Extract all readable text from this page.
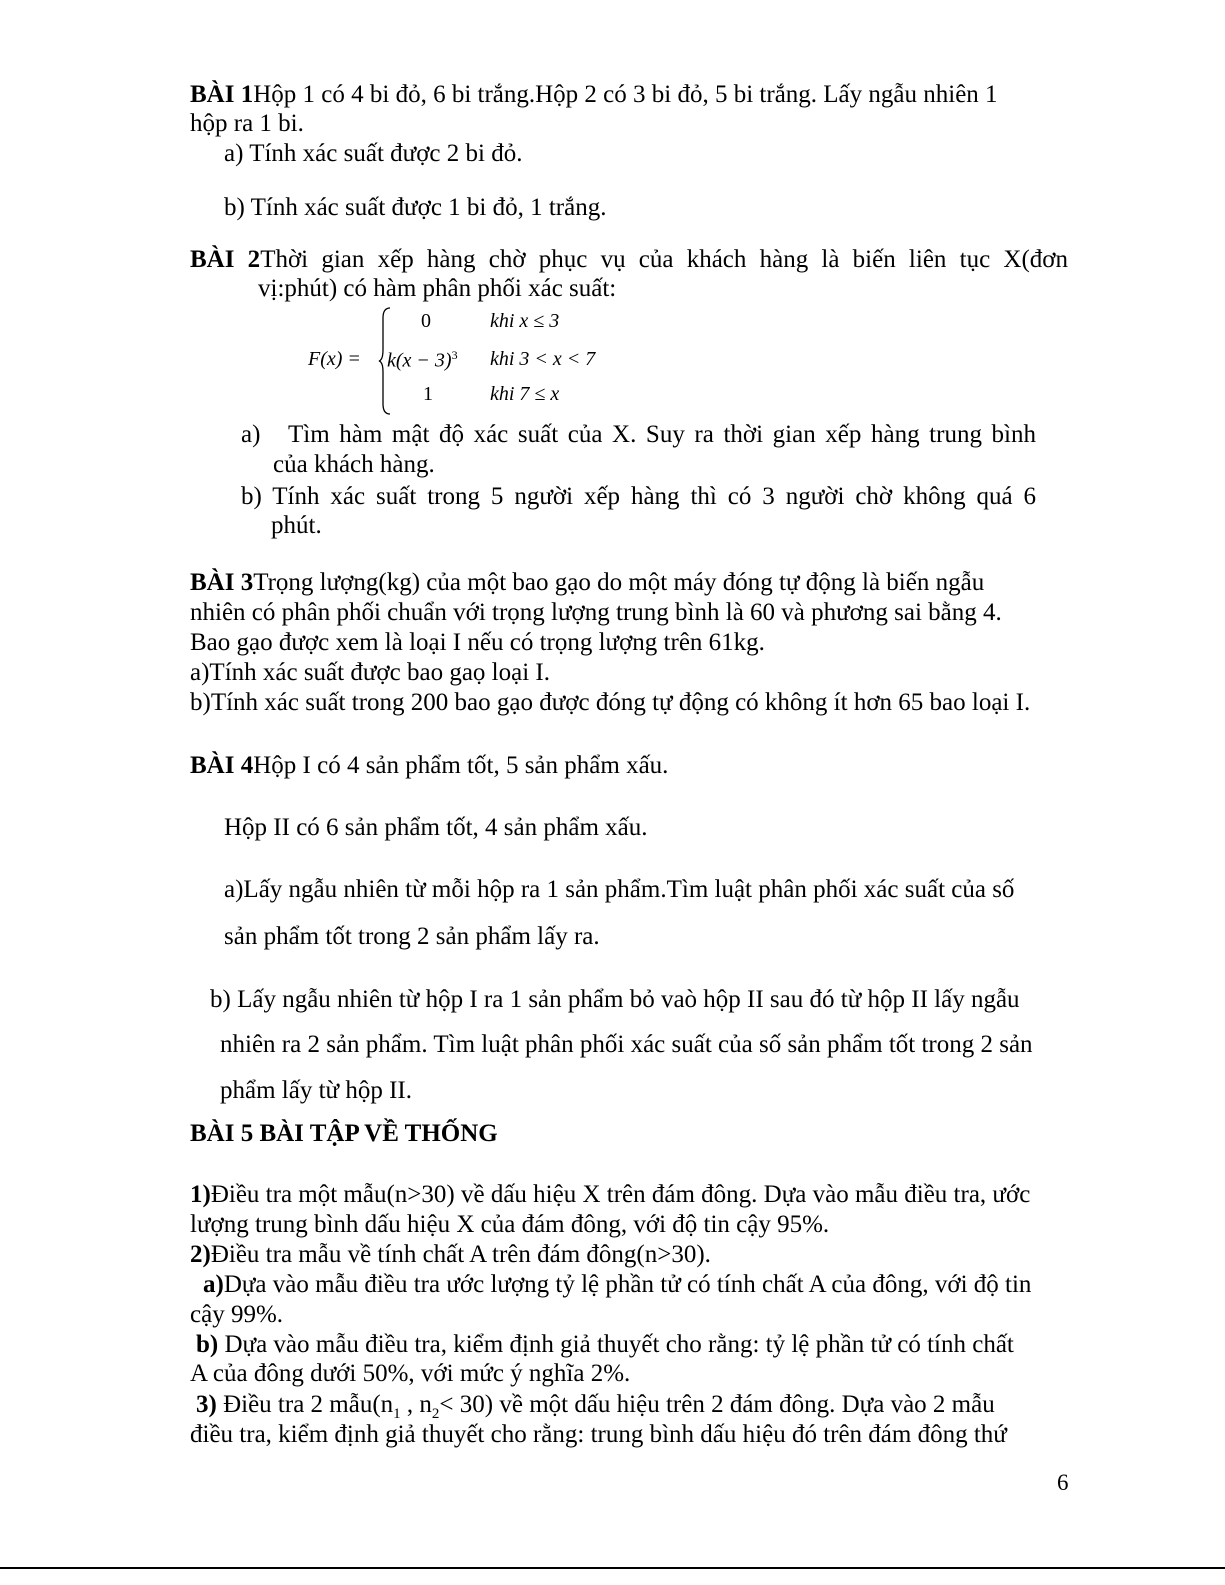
BÀI 1Hộp 1 có 4 bi đỏ, 6 bi trắng.Hộp 2 có 3 bi đỏ, 5 bi trắng. Lấy ngẫu nhiên 1
hộp ra 1 bi.
a) Tính xác suất được 2 bi đỏ.
b) Tính xác suất được 1 bi đỏ, 1 trắng.
BÀI 2Thời gian xếp hàng chờ phục vụ của khách hàng là biến liên tục X(đơn
vị:phút) có hàm phân phối xác suất:
F(x) =
0	khi x ≤ 3
$k(x - 3)^3$ khi 3 < x < 7
1	khi 7 ≤ x
a) Tìm hàm mật độ xác suất của X. Suy ra thời gian xếp hàng trung bình
của khách hàng.
b) Tính xác suất trong 5 người xếp hàng thì có 3 người chờ không quá 6
phút.
BÀI 3Trọng lượng(kg) của một bao gạo do một máy đóng tự động là biến ngẫu
nhiên có phân phối chuẩn với trọng lượng trung bình là 60 và phương sai bằng 4.
Bao gạo được xem là loại I nếu có trọng lượng trên 61kg.
a)Tính xác suất được bao gaọ loại I.
b)Tính xác suất trong 200 bao gạo được đóng tự động có không ít hơn 65 bao loại I.
BÀI 4Hộp I có 4 sản phẩm tốt, 5 sản phẩm xấu.
Hộp II có 6 sản phẩm tốt, 4 sản phẩm xấu.
a)Lấy ngẫu nhiên từ mỗi hộp ra 1 sản phẩm.Tìm luật phân phối xác suất của số
sản phẩm tốt trong 2 sản phẩm lấy ra.
b) Lấy ngẫu nhiên từ hộp I ra 1 sản phẩm bỏ vaò hộp II sau đó từ hộp II lấy ngẫu
nhiên ra 2 sản phẩm. Tìm luật phân phối xác suất của số sản phẩm tốt trong 2 sản
phẩm lấy từ hộp II.
BÀI 5 BÀI TẬP VỀ THỐNG
1)Điều tra một mẫu(n>30) về dấu hiệu X trên đám đông. Dựa vào mẫu điều tra, ước
lượng trung bình dấu hiệu X của đám đông, với độ tin cậy 95%.
2)Điều tra mẫu về tính chất A trên đám đông(n>30).
a)Dựa vào mẫu điều tra ước lượng tỷ lệ phần tử có tính chất A của đông, với độ tin
cậy 99%.
b) Dựa vào mẫu điều tra, kiểm định giả thuyết cho rằng: tỷ lệ phần tử có tính chất
A của đông dưới 50%, với mức ý nghĩa 2%.
3) Điều tra 2 $mẫu(n_1$ , $n_2< 30$) về một dấu hiệu trên 2 đám đông. Dựa vào 2 mẫu
điều tra, kiểm định giả thuyết cho rằng: trung bình dấu hiệu đó trên đám đông thứ
6
